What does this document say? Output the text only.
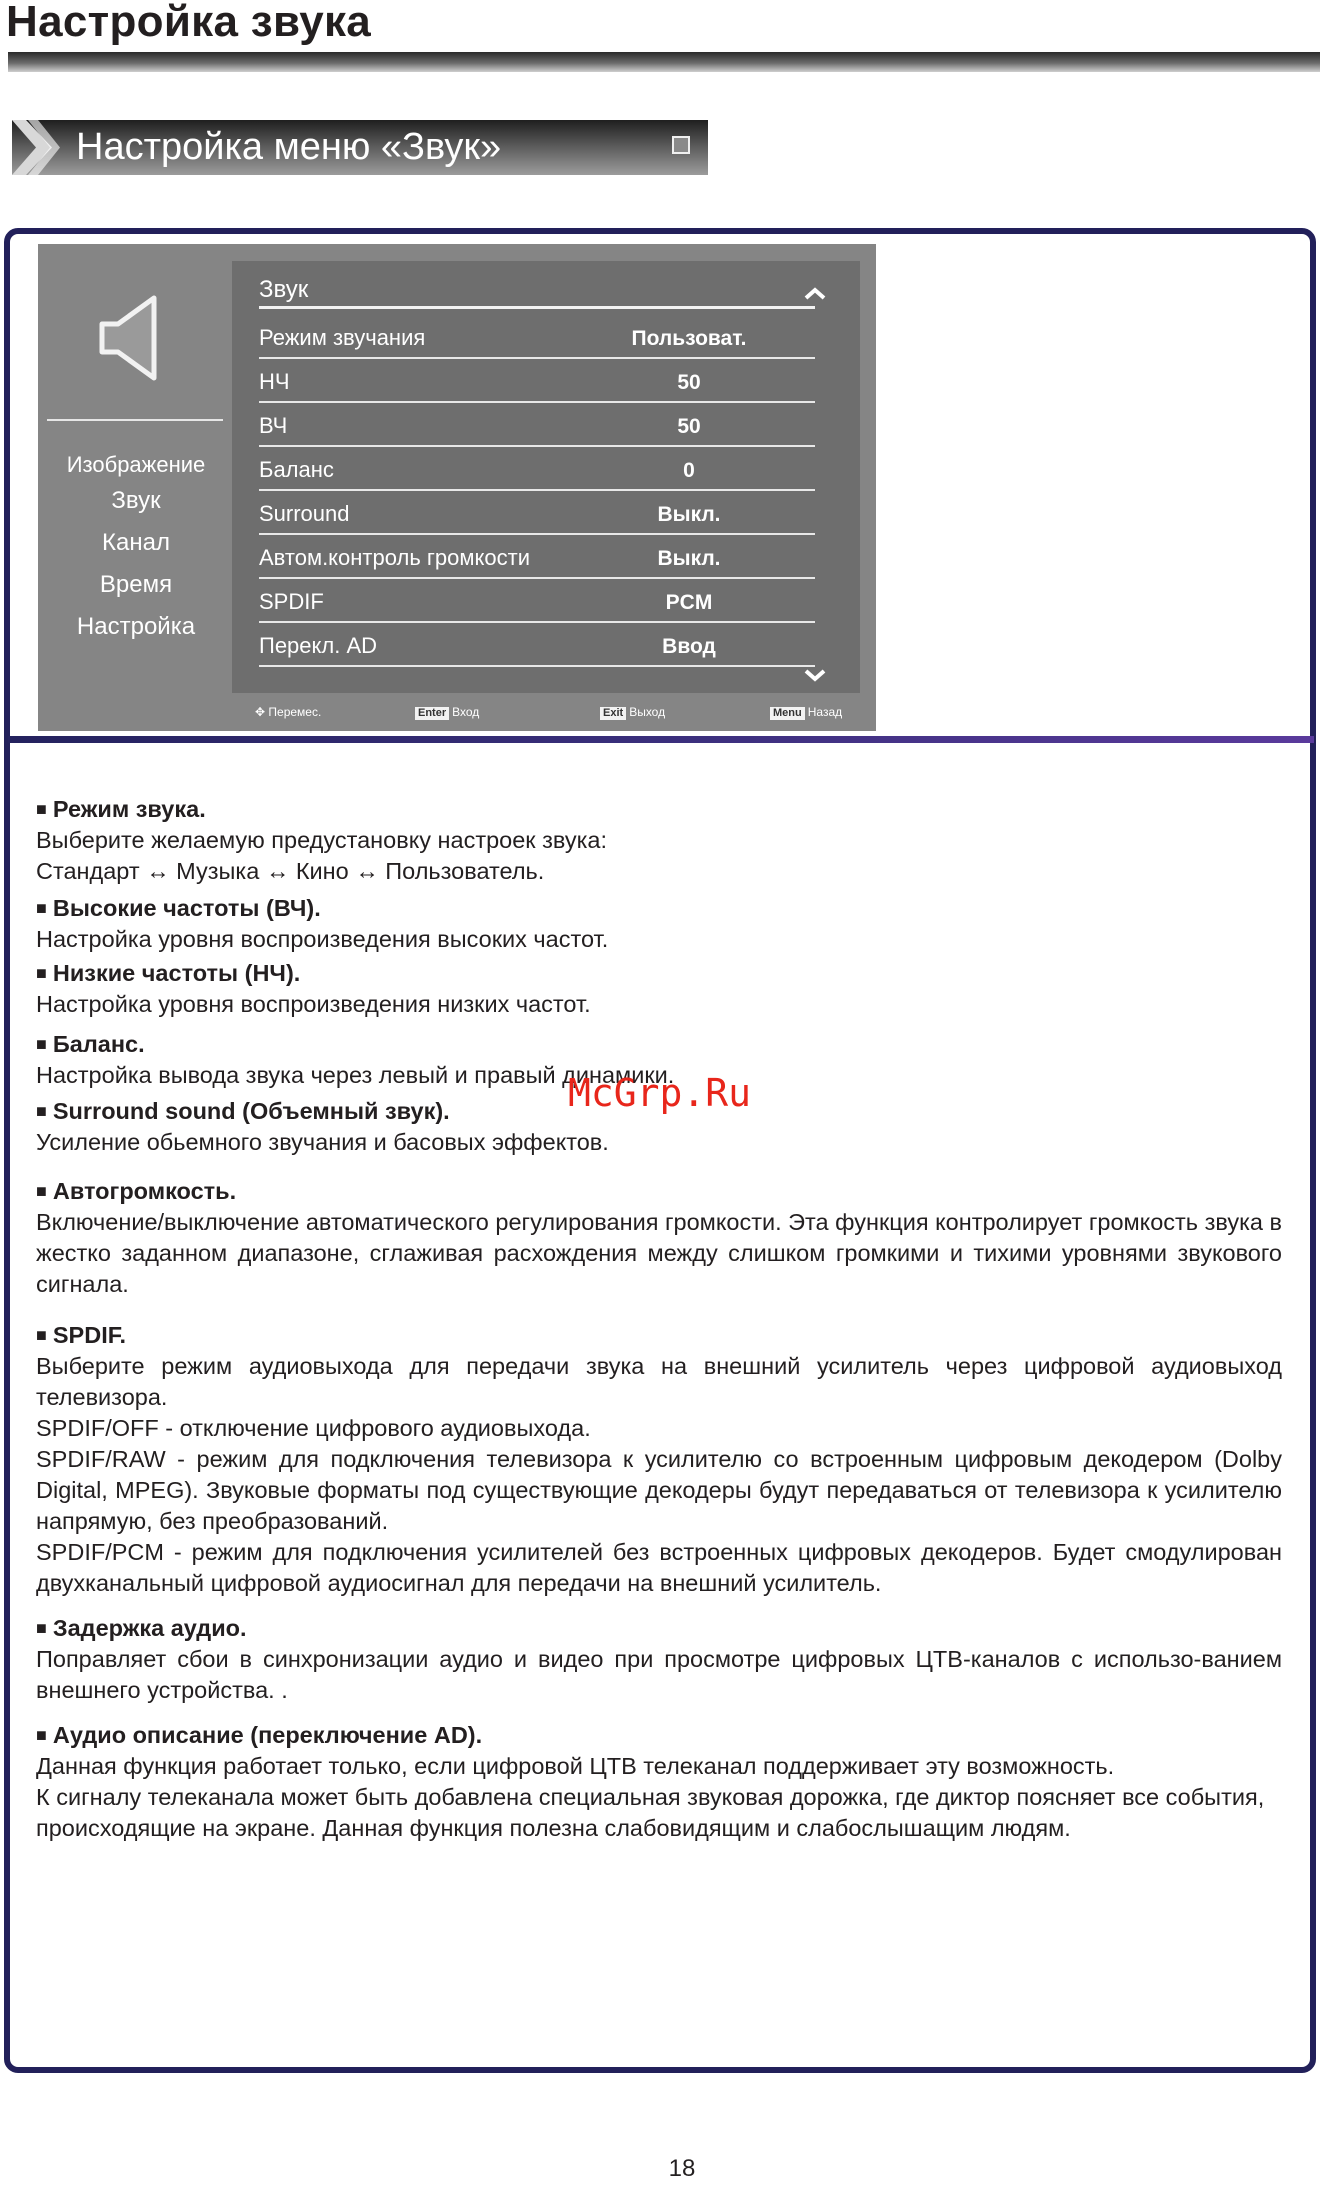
Настройка звука
Настройка меню «Звук»
Изображение
Звук
Канал
Время
Настройка
Звук
Режим звучания	Пользоват.
НЧ	50
ВЧ	50
Баланс	0
Surround	Выкл.
Автом.контроль громкости	Выкл.
SPDIF	PCM
Перекл. AD	Ввод
✥ Перемес.	Enter Вход	Exit Выход	Menu Назад

■ Режим звука.

Выберите желаемую предустановку настроек звука:

Стандарт ↔ Музыка ↔ Кино ↔ Пользователь.

■ Высокие частоты (ВЧ).

Настройка уровня воспроизведения высоких частот.

■ Низкие частоты (НЧ).

Настройка уровня воспроизведения низких частот.

■ Баланс.

Настройка вывода звука через левый и правый динамики.

■ Surround sound (Объемный звук).

Усиление обьемного звучания и басовых эффектов.

■ Автогромкость.

Включение/выключение автоматического регулирования громкости. Эта функция контролирует громкость звука в жестко заданном диапазоне, сглаживая расхождения между слишком громкими и тихими уровнями звукового сигнала.

■ SPDIF.

Выберите режим аудиовыхода для передачи звука на внешний усилитель через цифровой аудиовыход телевизора.

SPDIF/OFF - отключение цифрового аудиовыхода.

SPDIF/RAW - режим для подключения телевизора к усилителю со встроенным цифровым декодером (Dolby Digital, MPEG). Звуковые форматы под существующие декодеры будут передаваться от телевизора к усилителю напрямую, без преобразований.

SPDIF/PCM - режим для подключения усилителей без встроенных цифровых декодеров. Будет смодулирован двухканальный цифровой аудиосигнал для передачи на внешний усилитель.

■ Задержка аудио.

Поправляет сбои в синхронизации аудио и видео при просмотре цифровых ЦТВ-каналов с использо-ванием внешнего устройства. .

■ Аудио описание (переключение AD).

Данная функция работает только, если цифровой ЦТВ телеканал поддерживает эту возможность.

К сигналу телеканала может быть добавлена специальная звуковая дорожка, где диктор поясняет все события, происходящие на экране. Данная функция полезна слабовидящим и слабослышащим людям.

McGrp.Ru
18
